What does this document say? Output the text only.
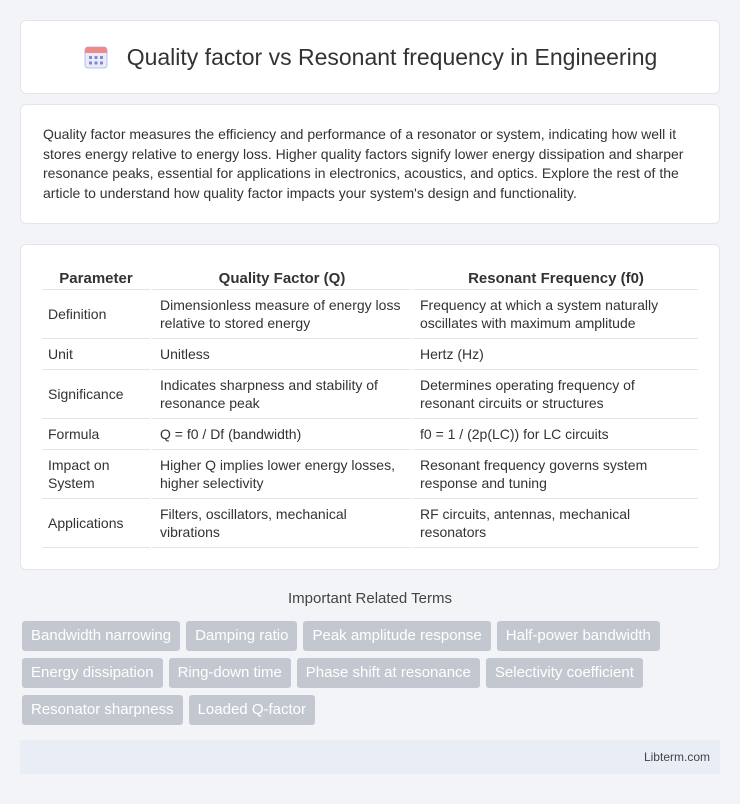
Quality factor vs Resonant frequency in Engineering

Quality factor measures the efficiency and performance of a resonator or system, indicating how well it stores energy relative to energy loss. Higher quality factors signify lower energy dissipation and sharper resonance peaks, essential for applications in electronics, acoustics, and optics. Explore the rest of the article to understand how quality factor impacts your system's design and functionality.

Parameter	Quality Factor (Q)	Resonant Frequency (f0)
Definition	Dimensionless measure of energy loss relative to stored energy	Frequency at which a system naturally oscillates with maximum amplitude
Unit	Unitless	Hertz (Hz)
Significance	Indicates sharpness and stability of resonance peak	Determines operating frequency of resonant circuits or structures
Formula	Q = f0 / Df (bandwidth)	f0 = 1 / (2p(LC)) for LC circuits
Impact on System	Higher Q implies lower energy losses, higher selectivity	Resonant frequency governs system response and tuning
Applications	Filters, oscillators, mechanical vibrations	RF circuits, antennas, mechanical resonators
Important Related Terms
Bandwidth narrowing	Damping ratio	Peak amplitude response	Half-power bandwidth
Energy dissipation	Ring-down time	Phase shift at resonance	Selectivity coefficient
Resonator sharpness	Loaded Q-factor
Libterm.com
